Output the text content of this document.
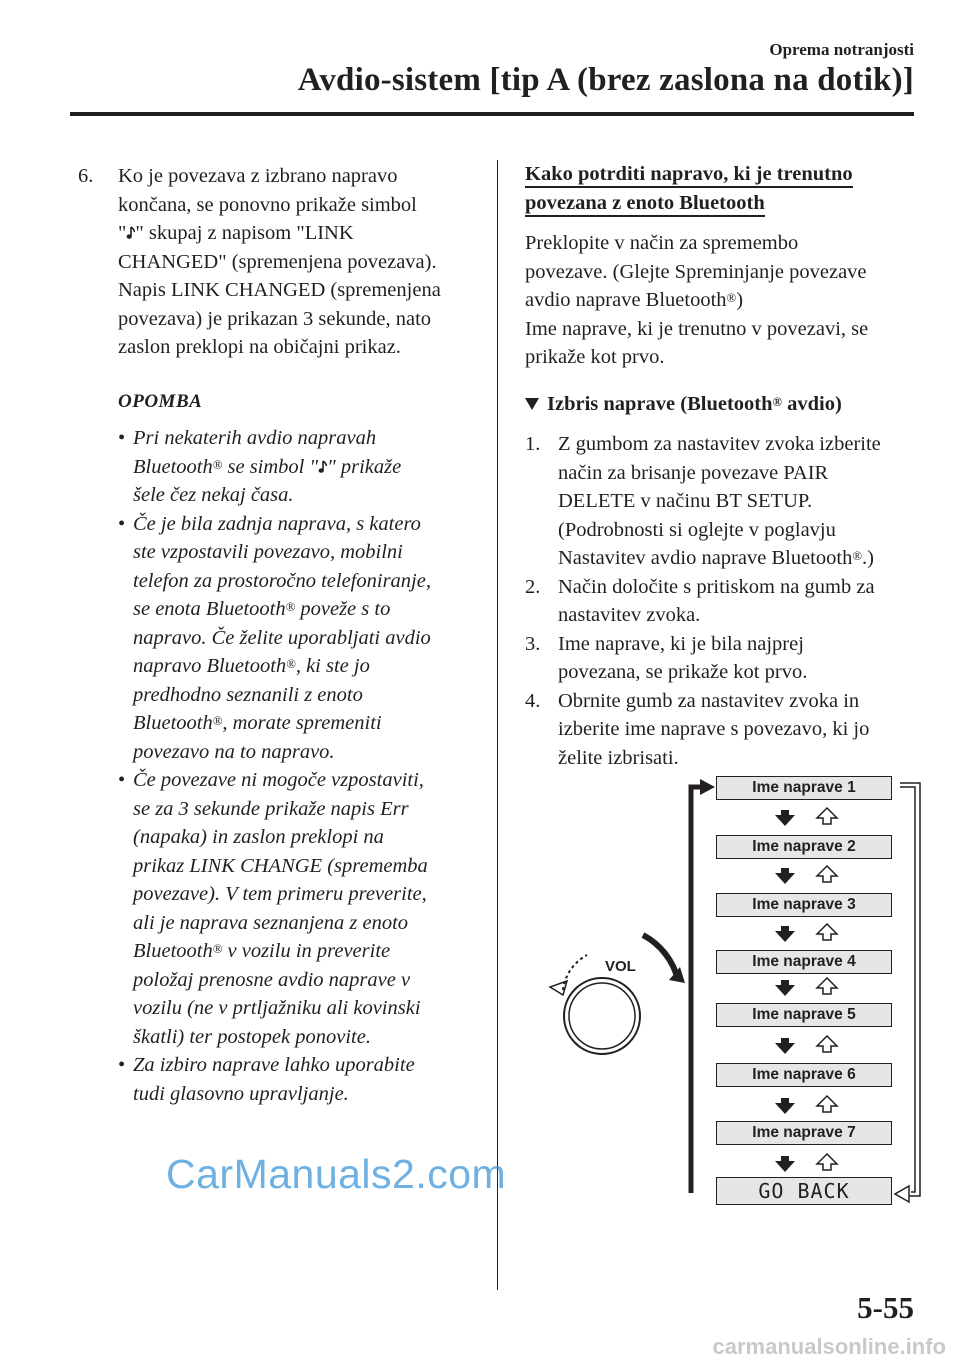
Oprema notranjosti
Avdio-sistem [tip A (brez zaslona na dotik)]
6.	Ko je povezava z izbrano napravo
končana, se ponovno prikaže simbol
" " skupaj z napisom "LINK
CHANGED" (spremenjena povezava).
Napis LINK CHANGED (spremenjena
povezava) je prikazan 3 sekunde, nato
zaslon preklopi na običajni prikaz.
OPOMBA
• Pri nekaterih avdio napravah
Bluetooth® se simbol " " prikaže
šele čez nekaj časa.
• Če je bila zadnja naprava, s katero
ste vzpostavili povezavo, mobilni
telefon za prostoročno telefoniranje,
se enota Bluetooth® poveže s to
napravo. Če želite uporabljati avdio
napravo Bluetooth®, ki ste jo
predhodno seznanili z enoto
Bluetooth®, morate spremeniti
povezavo na to napravo.
• Če povezave ni mogoče vzpostaviti,
se za 3 sekunde prikaže napis Err
(napaka) in zaslon preklopi na
prikaz LINK CHANGE (sprememba
povezave). V tem primeru preverite,
ali je naprava seznanjena z enoto
Bluetooth® v vozilu in preverite
položaj prenosne avdio naprave v
vozilu (ne v prtljažniku ali kovinski
škatli) ter postopek ponovite.
• Za izbiro naprave lahko uporabite
tudi glasovno upravljanje.
Kako potrditi napravo, ki je trenutno
povezana z enoto Bluetooth
Preklopite v način za spremembo
povezave. (Glejte Spreminjanje povezave
avdio naprave Bluetooth®)
Ime naprave, ki je trenutno v povezavi, se
prikaže kot prvo.
Izbris naprave (Bluetooth® avdio)
1. Z gumbom za nastavitev zvoka izberite
način za brisanje povezave PAIR
DELETE v načinu BT SETUP.
(Podrobnosti si oglejte v poglavju
Nastavitev avdio naprave Bluetooth®.)
2. Način določite s pritiskom na gumb za
nastavitev zvoka.
3. Ime naprave, ki je bila najprej
povezana, se prikaže kot prvo.
4. Obrnite gumb za nastavitev zvoka in
izberite ime naprave s povezavo, ki jo
želite izbrisati.
VOL
Ime naprave 1
Ime naprave 2
Ime naprave 3
Ime naprave 4
Ime naprave 5
Ime naprave 6
Ime naprave 7
GO BACK
CarManuals2.com
5-55
carmanualsonline.info
